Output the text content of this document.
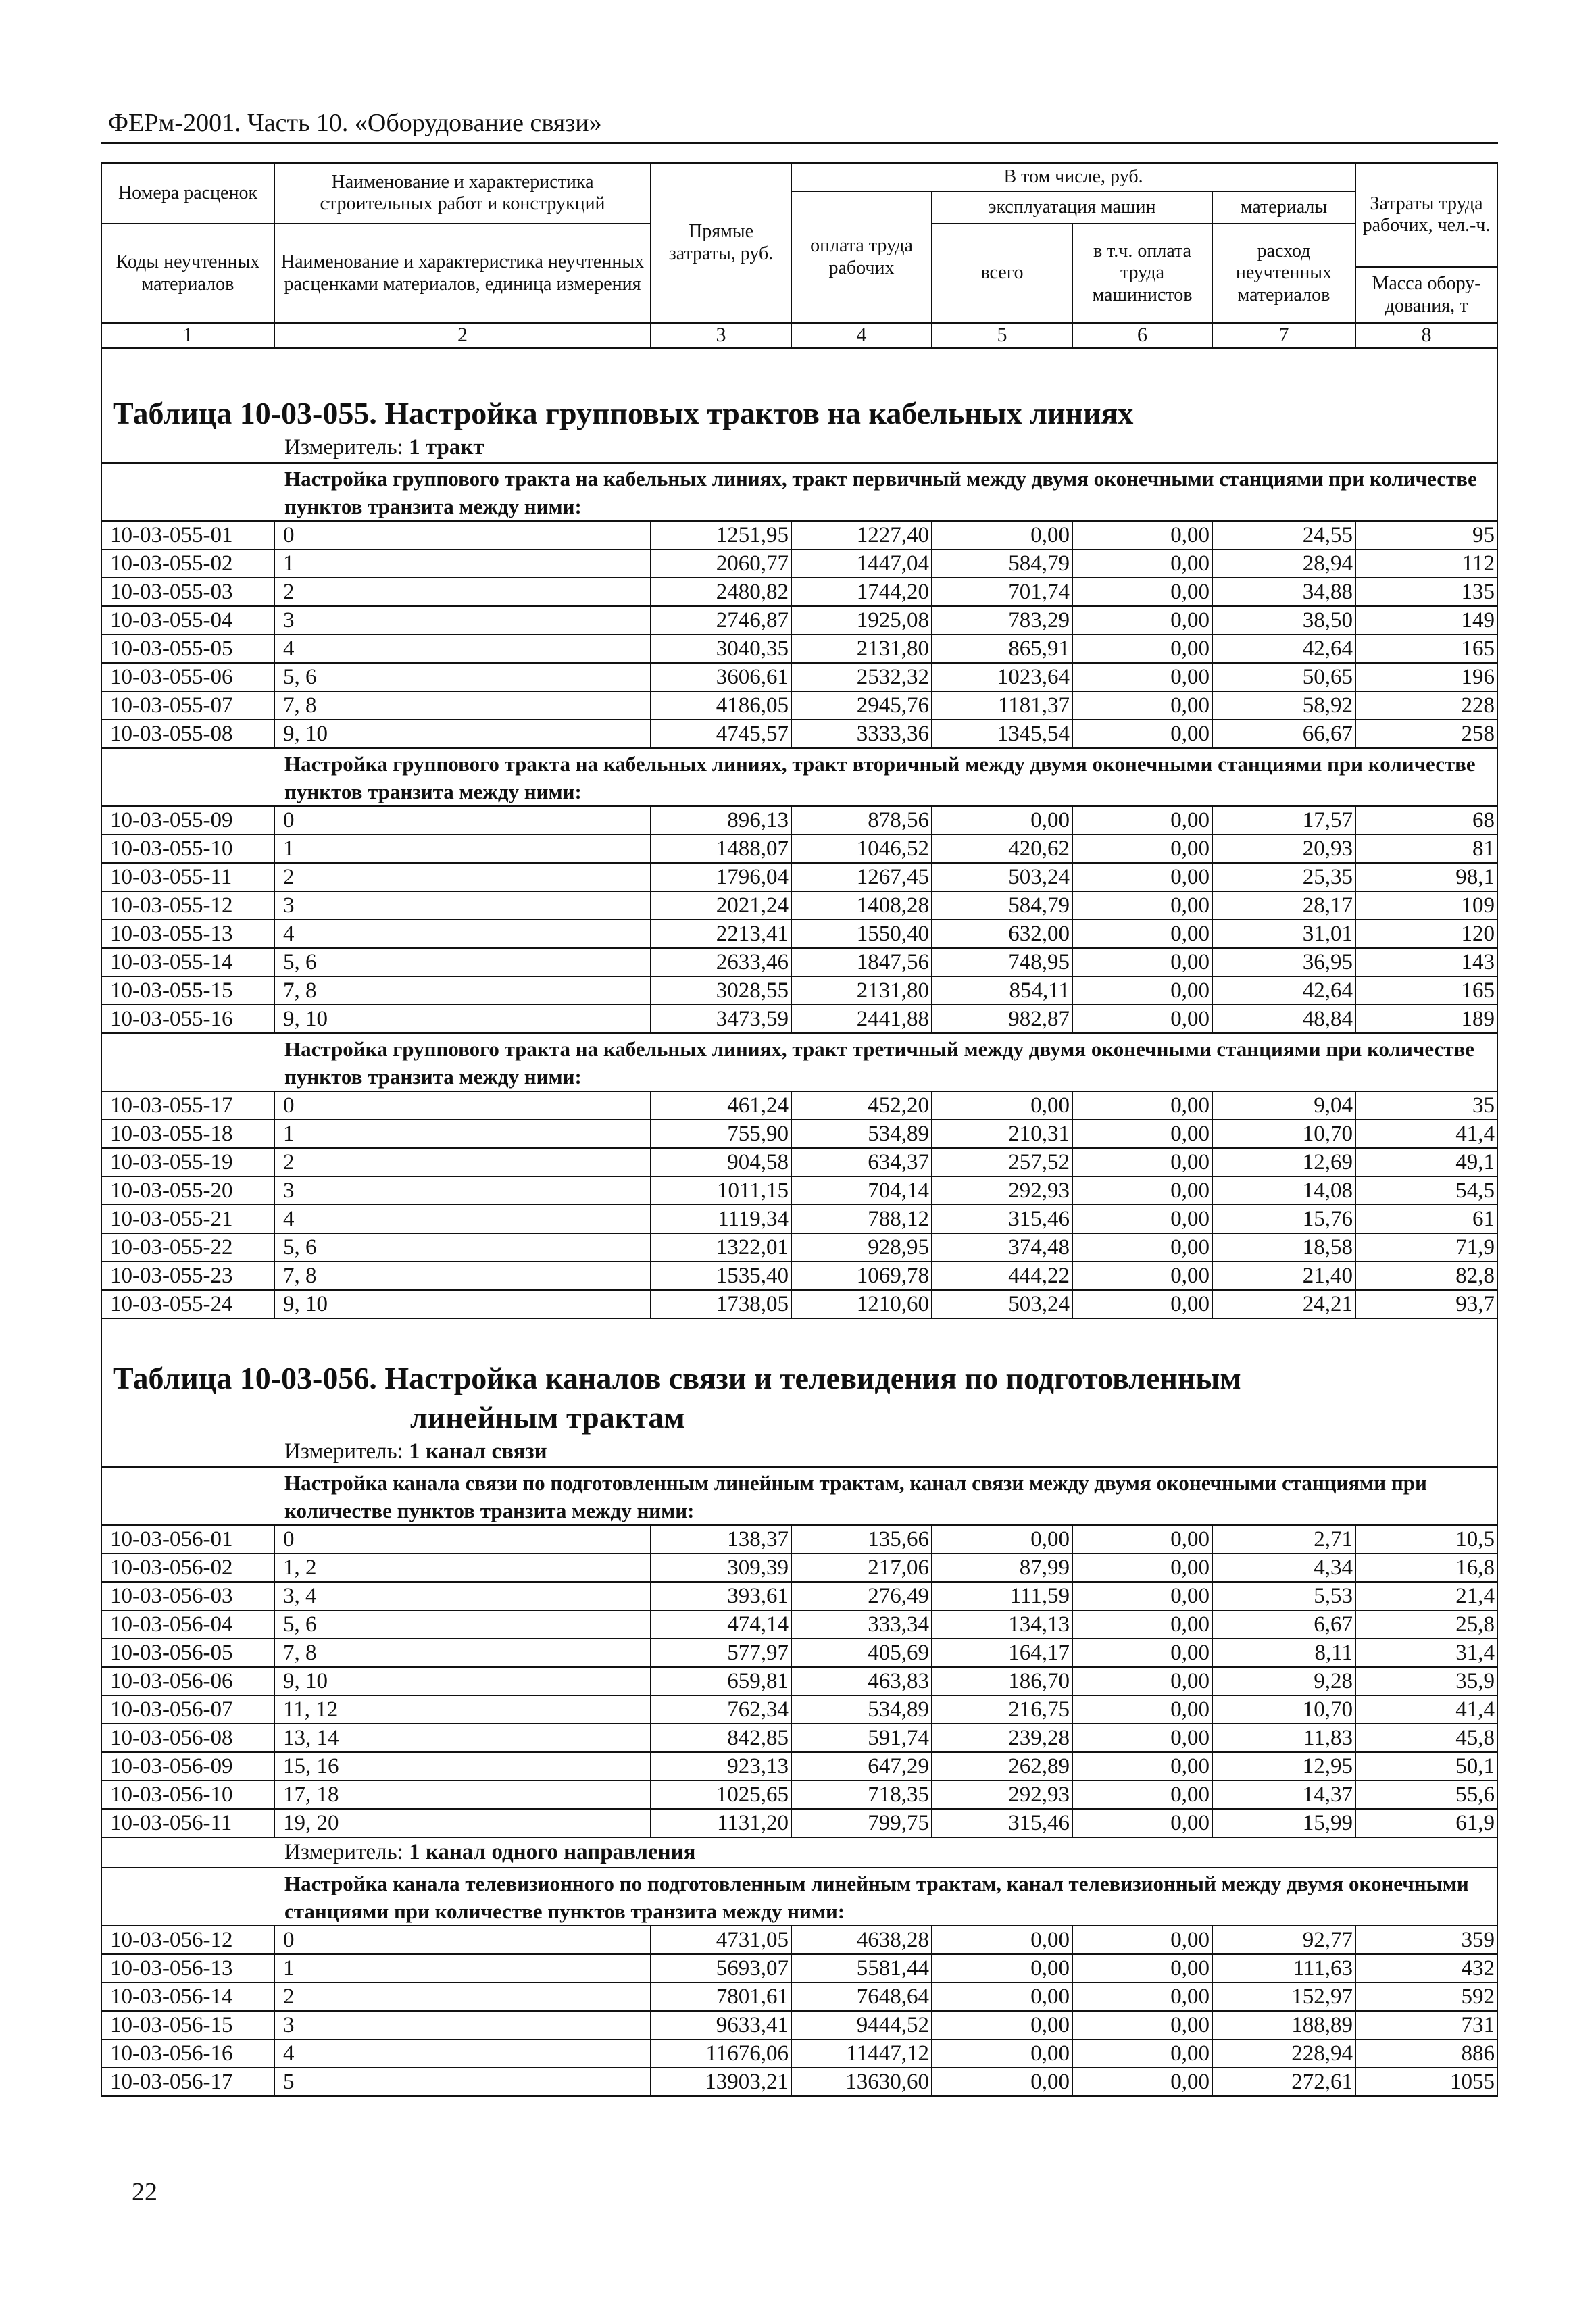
ФЕРм-2001. Часть 10. «Оборудование связи»
Номера расценок	Наименование и характеристика строительных работ и конструкций	Прямые затраты, руб.	В том числе, руб.				Затраты труда рабочих, чел.-ч.
			оплата труда рабочих	эксплуатация машин		материалы	
Коды неучтенных материалов	Наименование и характеристика неучтенных расценками материалов, единица измерения			всего	в т.ч. оплата труда машинистов	расход неучтенных материалов	
							Масса обору-дования, т
1	2	3	4	5	6	7	8
Таблица 10-03-055. Настройка групповых трактов на кабельных линиях							
Измеритель: 1 тракт							
Настройка группового тракта на кабельных линиях, тракт первичный между двумя оконечными станциями при количестве пунктов транзита между ними:							
10-03-055-01	0	1251,95	1227,40	0,00	0,00	24,55	95
10-03-055-02	1	2060,77	1447,04	584,79	0,00	28,94	112
10-03-055-03	2	2480,82	1744,20	701,74	0,00	34,88	135
10-03-055-04	3	2746,87	1925,08	783,29	0,00	38,50	149
10-03-055-05	4	3040,35	2131,80	865,91	0,00	42,64	165
10-03-055-06	5, 6	3606,61	2532,32	1023,64	0,00	50,65	196
10-03-055-07	7, 8	4186,05	2945,76	1181,37	0,00	58,92	228
10-03-055-08	9, 10	4745,57	3333,36	1345,54	0,00	66,67	258
Настройка группового тракта на кабельных линиях, тракт вторичный между двумя оконечными станциями при количестве пунктов транзита между ними:							
10-03-055-09	0	896,13	878,56	0,00	0,00	17,57	68
10-03-055-10	1	1488,07	1046,52	420,62	0,00	20,93	81
10-03-055-11	2	1796,04	1267,45	503,24	0,00	25,35	98,1
10-03-055-12	3	2021,24	1408,28	584,79	0,00	28,17	109
10-03-055-13	4	2213,41	1550,40	632,00	0,00	31,01	120
10-03-055-14	5, 6	2633,46	1847,56	748,95	0,00	36,95	143
10-03-055-15	7, 8	3028,55	2131,80	854,11	0,00	42,64	165
10-03-055-16	9, 10	3473,59	2441,88	982,87	0,00	48,84	189
Настройка группового тракта на кабельных линиях, тракт третичный между двумя оконечными станциями при количестве пунктов транзита между ними:							
10-03-055-17	0	461,24	452,20	0,00	0,00	9,04	35
10-03-055-18	1	755,90	534,89	210,31	0,00	10,70	41,4
10-03-055-19	2	904,58	634,37	257,52	0,00	12,69	49,1
10-03-055-20	3	1011,15	704,14	292,93	0,00	14,08	54,5
10-03-055-21	4	1119,34	788,12	315,46	0,00	15,76	61
10-03-055-22	5, 6	1322,01	928,95	374,48	0,00	18,58	71,9
10-03-055-23	7, 8	1535,40	1069,78	444,22	0,00	21,40	82,8
10-03-055-24	9, 10	1738,05	1210,60	503,24	0,00	24,21	93,7
Таблица 10-03-056. Настройка каналов связи и телевидения по подготовленным
линейным трактам							

Измеритель: 1 канал связи							
Настройка канала связи по подготовленным линейным трактам, канал связи между двумя оконечными станциями при количестве пунктов транзита между ними:							
10-03-056-01	0	138,37	135,66	0,00	0,00	2,71	10,5
10-03-056-02	1, 2	309,39	217,06	87,99	0,00	4,34	16,8
10-03-056-03	3, 4	393,61	276,49	111,59	0,00	5,53	21,4
10-03-056-04	5, 6	474,14	333,34	134,13	0,00	6,67	25,8
10-03-056-05	7, 8	577,97	405,69	164,17	0,00	8,11	31,4
10-03-056-06	9, 10	659,81	463,83	186,70	0,00	9,28	35,9
10-03-056-07	11, 12	762,34	534,89	216,75	0,00	10,70	41,4
10-03-056-08	13, 14	842,85	591,74	239,28	0,00	11,83	45,8
10-03-056-09	15, 16	923,13	647,29	262,89	0,00	12,95	50,1
10-03-056-10	17, 18	1025,65	718,35	292,93	0,00	14,37	55,6
10-03-056-11	19, 20	1131,20	799,75	315,46	0,00	15,99	61,9
Измеритель: 1 канал одного направления							
Настройка канала телевизионного по подготовленным линейным трактам, канал телевизионный между двумя оконечными станциями при количестве пунктов транзита между ними:							
10-03-056-12	0	4731,05	4638,28	0,00	0,00	92,77	359
10-03-056-13	1	5693,07	5581,44	0,00	0,00	111,63	432
10-03-056-14	2	7801,61	7648,64	0,00	0,00	152,97	592
10-03-056-15	3	9633,41	9444,52	0,00	0,00	188,89	731
10-03-056-16	4	11676,06	11447,12	0,00	0,00	228,94	886
10-03-056-17	5	13903,21	13630,60	0,00	0,00	272,61	1055
22
